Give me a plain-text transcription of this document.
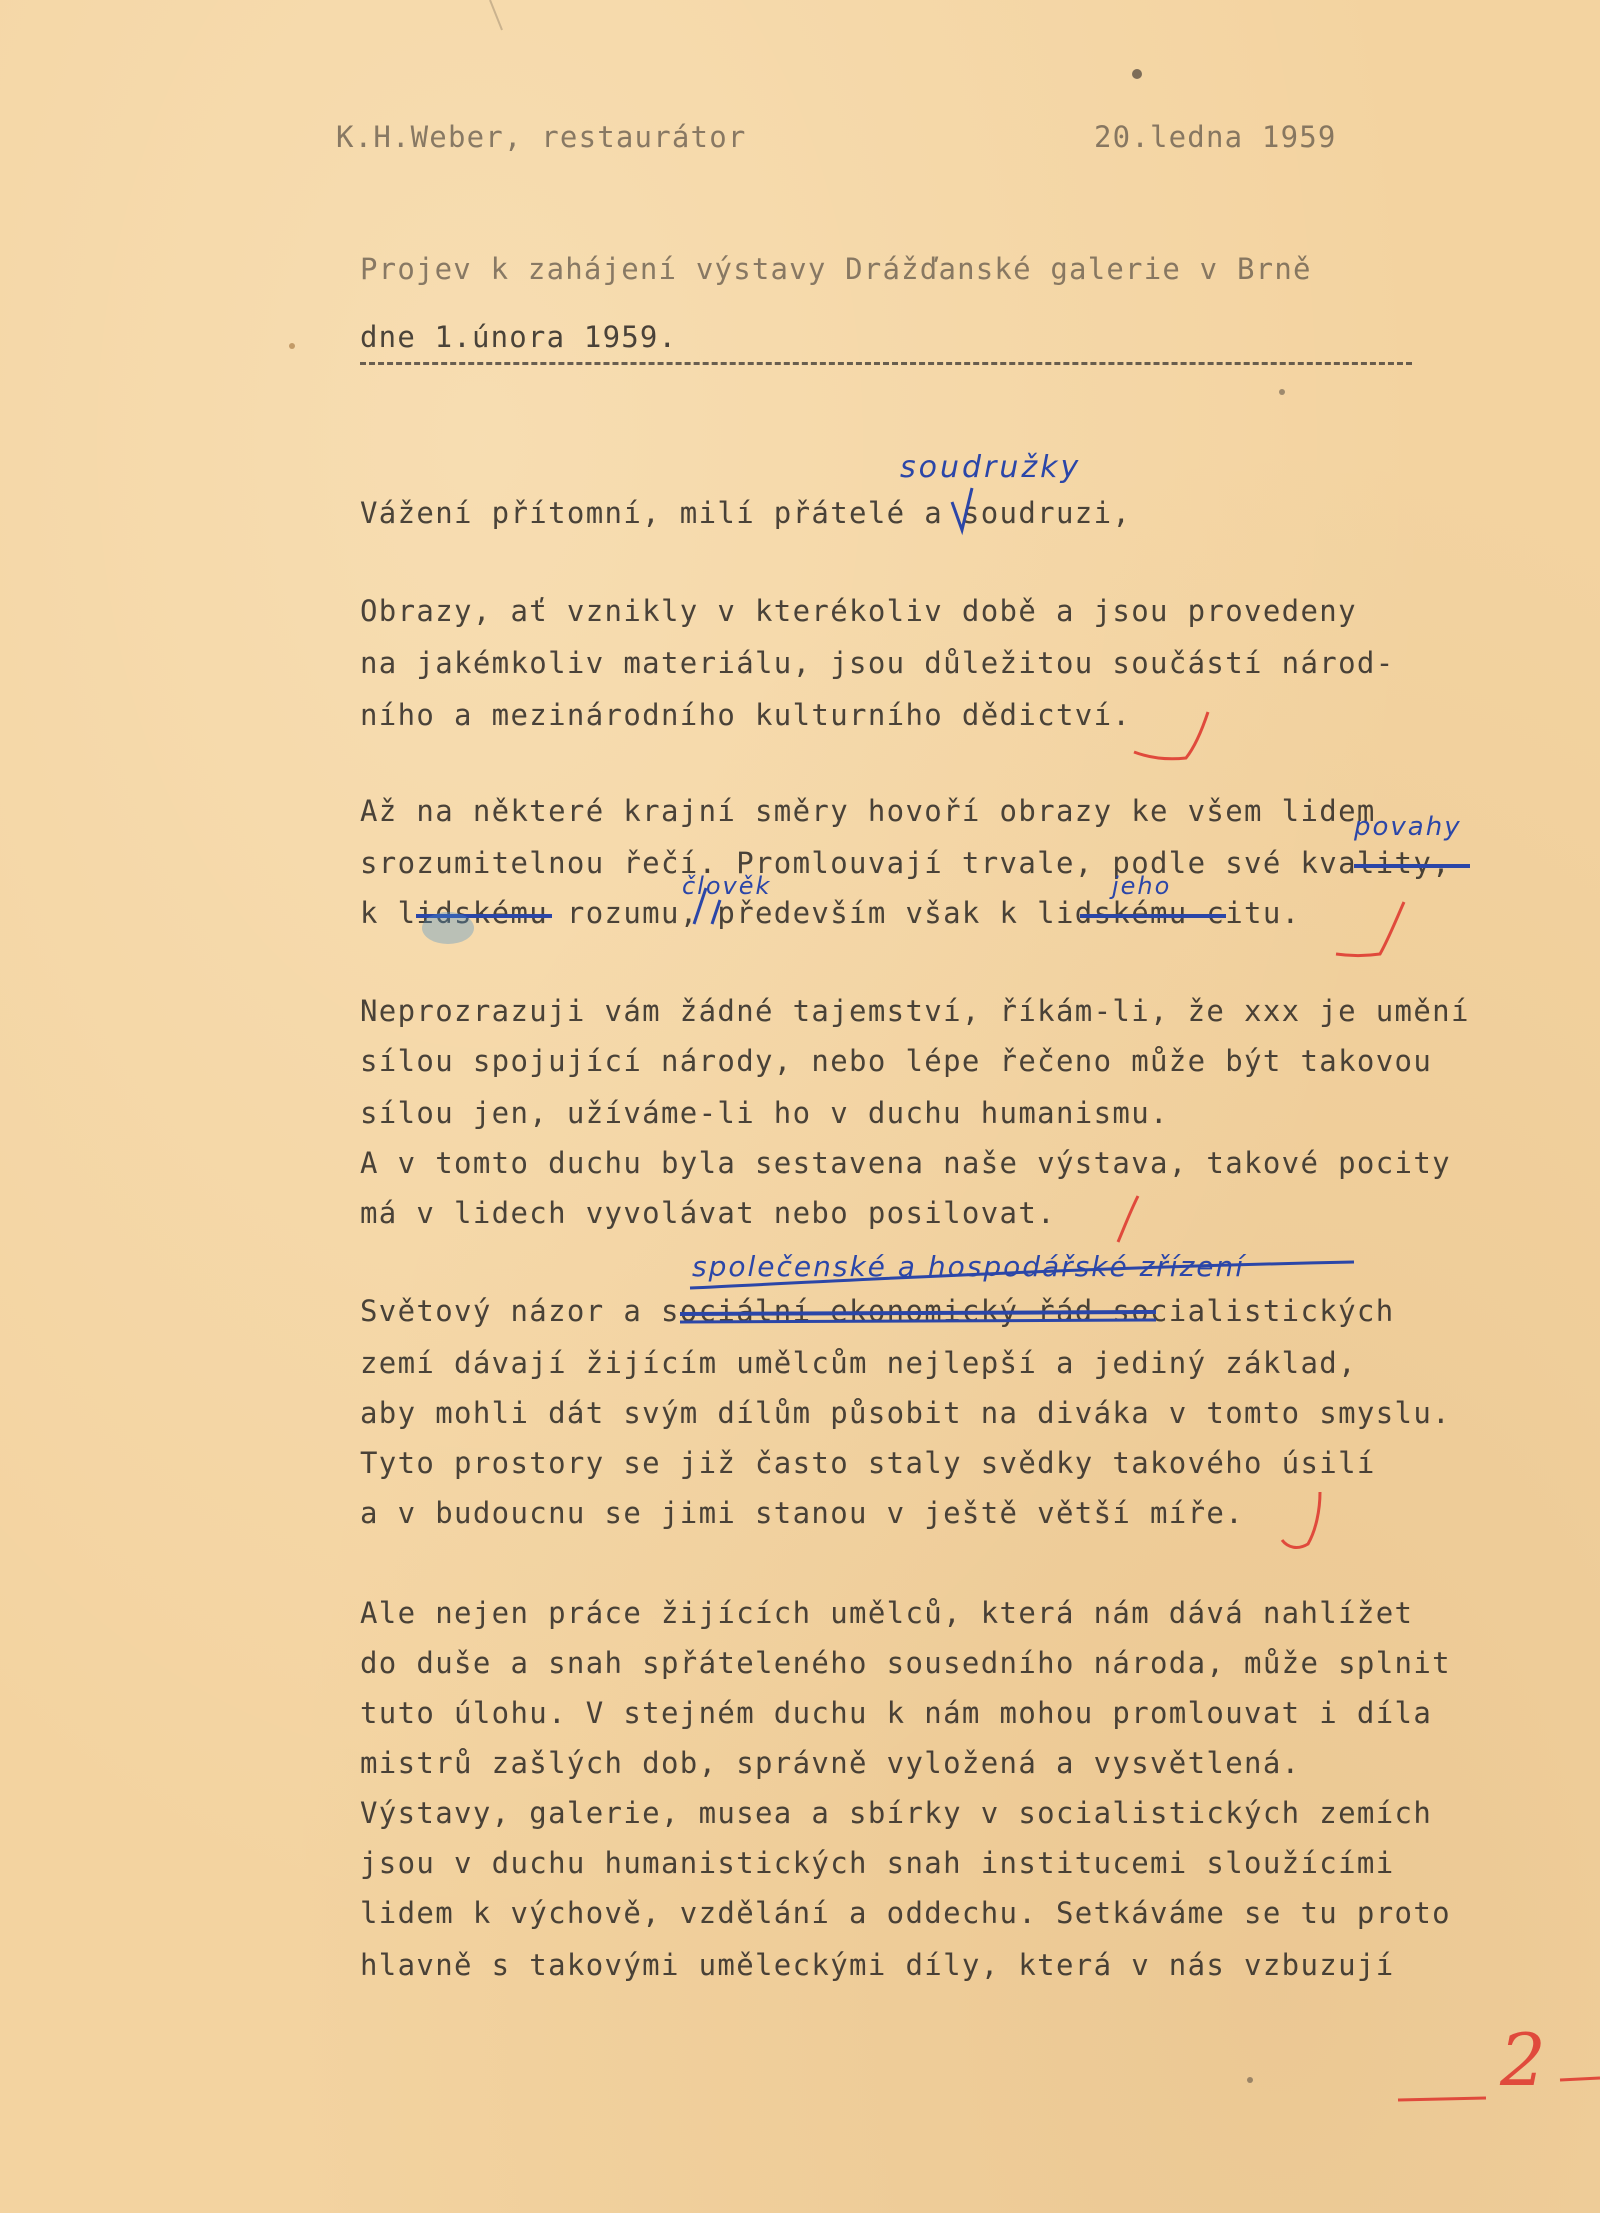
K.H.Weber, restaurátor	20.ledna 1959
Projev k zahájení výstavy Drážďanské galerie v Brně
dne 1.února 1959.
Vážení přítomní, milí přátelé a soudruzi,
Obrazy, ať vznikly v kterékoliv době a jsou provedeny
na jakémkoliv materiálu, jsou důležitou součástí národ-
ního a mezinárodního kulturního dědictví.
Až na některé krajní směry hovoří obrazy ke všem lidem
srozumitelnou řečí. Promlouvají trvale, podle své kvality,
k lidskému rozumu, především však k lidskému citu.
Neprozrazuji vám žádné tajemství, říkám-li, že xxx je umění
sílou spojující národy, nebo lépe řečeno může být takovou
sílou jen, užíváme-li ho v duchu humanismu.
A v tomto duchu byla sestavena naše výstava, takové pocity
má v lidech vyvolávat nebo posilovat.
Světový názor a sociální ekonomický řád socialistických
zemí dávají žijícím umělcům nejlepší a jediný základ,
aby mohli dát svým dílům působit na diváka v tomto smyslu.
Tyto prostory se již často staly svědky takového úsilí
a v budoucnu se jimi stanou v ještě větší míře.
Ale nejen práce žijících umělců, která nám dává nahlížet
do duše a snah spřáteleného sousedního národa, může splnit
tuto úlohu. V stejném duchu k nám mohou promlouvat i díla
mistrů zašlých dob, správně vyložená a vysvětlená.
Výstavy, galerie, musea a sbírky v socialistických zemích
jsou v duchu humanistických snah institucemi sloužícími
lidem k výchově, vzdělání a oddechu. Setkáváme se tu proto
hlavně s takovými uměleckými díly, která v nás vzbuzují
soudružky
povahy
člověk	jeho
společenské a hospodářské zřízení
2
